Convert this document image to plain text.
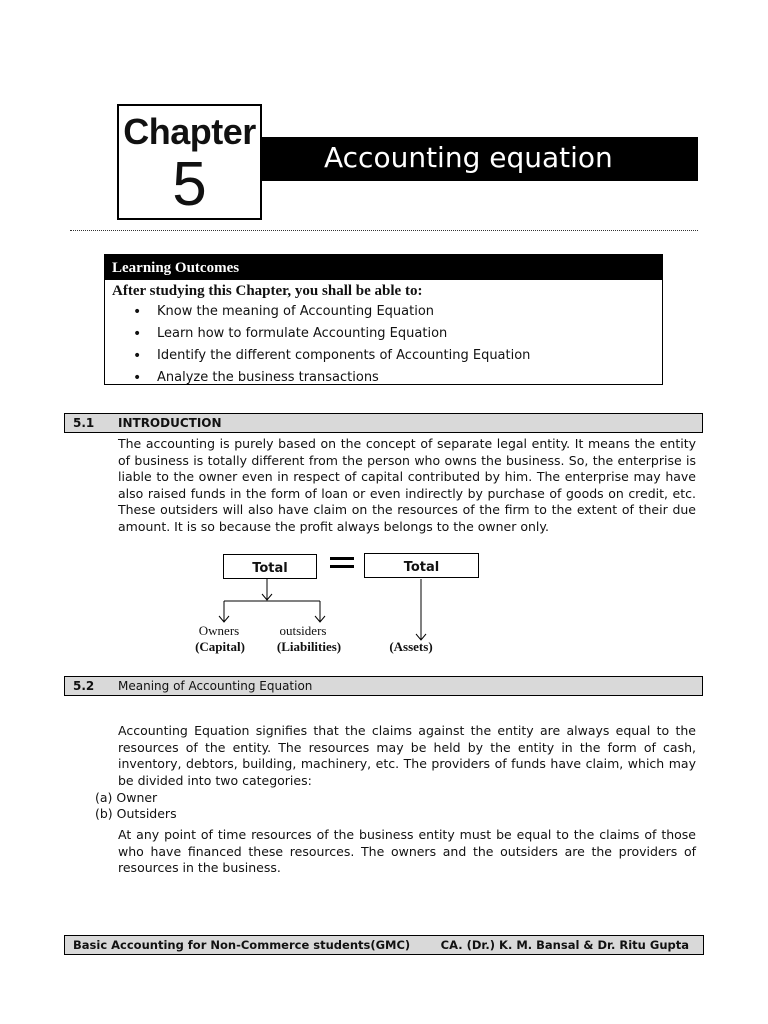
Chapter
5	Accounting equation
Learning Outcomes
After studying this Chapter, you shall be able to:
• Know the meaning of Accounting Equation
• Learn how to formulate Accounting Equation
• Identify the different components of Accounting Equation
• Analyze the business transactions
5.1 INTRODUCTION

The accounting is purely based on the concept of separate legal entity. It means the entity of business is totally different from the person who owns the business. So, the enterprise is liable to the owner even in respect of capital contributed by him. The enterprise may have also raised funds in the form of loan or even indirectly by purchase of goods on credit, etc. These outsiders will also have claim on the resources of the firm to the extent of their due amount. It is so because the profit always belongs to the owner only.

Total	Total
Owners	outsiders
(Capital)	(Liabilities)	(Assets)
5.2 Meaning of Accounting Equation

Accounting Equation signifies that the claims against the entity are always equal to the resources of the entity. The resources may be held by the entity in the form of cash, inventory, debtors, building, machinery, etc. The providers of funds have claim, which may be divided into two categories:

(a) Owner
(b) Outsiders

At any point of time resources of the business entity must be equal to the claims of those who have financed these resources. The owners and the outsiders are the providers of resources in the business.

Basic Accounting for Non-Commerce students(GMC)	CA. (Dr.) K. M. Bansal & Dr. Ritu Gupta
